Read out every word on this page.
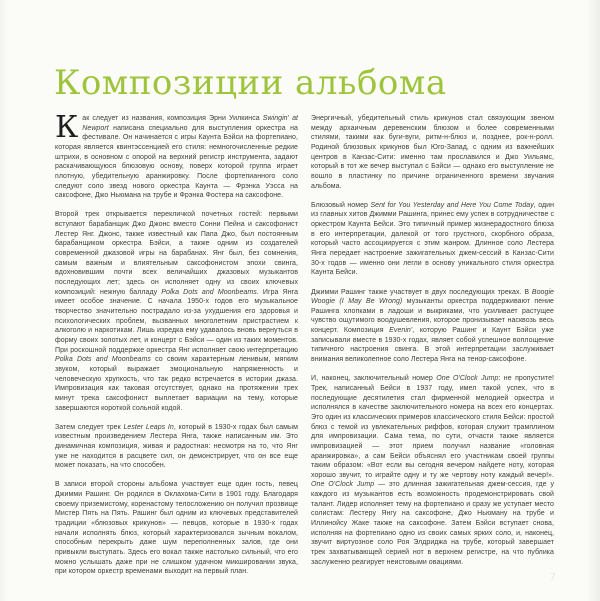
Композиции альбома

Как следует из названия, композиция Эрни Уилкинса Swingin' at Newport написана специально для выступления оркестра на фестивале. Он начинается с игры Каунта Бэйси на фортепиано, которая является квинтэссенцией его стиля: немногочисленные редкие штрихи, в основном с опорой на верхний регистр инструмента, задают раскачивающуюся блюзовую основу, поверх которой группа играет плотную, убедительную аранжировку. После фортепианного соло следуют соло звезд нового оркестра Каунта — Фрэнка Уэсса на саксофоне, Джо Ньюмана на трубе и Фрэнка Фостера на саксофоне.

Второй трек открывается перекличкой почетных гостей: первыми вступают барабанщик Джо Джонс вместо Сонни Пейна и саксофонист Лестер Янг. Джонс, также известный как Папа Джо, был постоянным барабанщиком оркестра Бэйси, а также одним из создателей современной джазовой игры на барабанах. Янг был, без сомнения, самым важным и влиятельным саксофонистом эпохи свинга, вдохновившим почти всех величайших джазовых музыкантов последующих лет; здесь он исполняет одну из своих ключевых композиций: нежную балладу Polka Dots and Moonbeams. Игра Янга имеет особое значение. С начала 1950-х годов его музыкальное творчество значительно пострадало из-за ухудшения его здоровья и психологических проблем, вызванных многолетним пристрастием к алкоголю и наркотикам. Лишь изредка ему удавалось вновь вернуться в форму своих золотых лет, и концерт с Бэйси — один из таких моментов. При роскошной поддержке оркестра Янг исполняет свою интерпретацию Polka Dots and Moonbeams со своим характерным ленивым, мягким звуком, который выражает эмоциональную напряженность и человеческую хрупкость, что так редко встречается в истории джаза. Импровизация как таковая отсутствует, однако на протяжении трех минут трека саксофонист выплетает вариации на тему, которые завершаются короткой сольной кодой.

Затем следует трек Lester Leaps In, который в 1930-х годах был самым известным произведением Лестера Янга, также написанным им. Это динамичная композиция, живая и радостная: несмотря на то, что Янг уже не находится в расцвете сил, он демонстрирует, что он все еще может показать, на что способен.

В записи второй стороны альбома участвует еще один гость, певец Джимми Рашинг. Он родился в Оклахома-Сити в 1901 году. Благодаря своему приземистому, коренастому телосложению он получил прозвище Мистер Пять на Пять. Рашинг был одним из ключевых представителей традиции «блюзовых крикунов» — певцов, которые в 1930-х годах начали исполнять блюз, который характеризовался зычным вокалом, способным перекрыть даже шум переполненных залов, где они привыкли выступать. Здесь его вокал также настолько сильный, что его можно услышать даже при не слишком удачном микшировании звука, при котором оркестр временами выходит на первый план.

Энергичный, убедительный стиль крикунов стал связующим звеном между архаичным деревенским блюзом и более современными стилями, такими как буги-вуги, ритм-н-блюз и, позднее, рок-н-ролл. Родиной блюзовых крикунов был Юго-Запад, с одним из важнейших центров в Канзас-Сити: именно там прославился и Джо Уильямс, который в тот же вечер выступал с Бэйси — однако его выступление не вошло в пластинку по причине ограниченного времени звучания альбома.

Блюзовый номер Sent for You Yesterday and Here You Come Today, один из главных хитов Джимми Рашинга, принес ему успех в сотрудничестве с оркестром Каунта Бейси. Это типичный пример жизнерадостного блюза в его интерпретации, далекой от того грустного, скорбного образа, который часто ассоциируется с этим жанром. Длинное соло Лестера Янга передает настроение зажигательных джем-сессий в Канзас-Сити 30-х годов — именно они легли в основу уникального стиля оркестра Каунта Бейси.

Джимми Рашинг также участвует в двух последующих треках. В Boogie Woogie (I May Be Wrong) музыканты оркестра поддерживают пение Рашинга хлопками в ладоши и выкриками, что усиливает растущее чувство ощутимого воодушевления, которое пронизывает насквозь весь концерт. Композиция Evenin', которую Рашинг и Каунт Бэйси уже записывали вместе в 1930-х годах, являет собой успешное воплощение типичного настроения свинга. В этой интерпретации заслуживает внимания великолепное соло Лестера Янга на тенор-саксофоне.

И, наконец, заключительный номер One O'Clock Jump: не пропустите! Трек, написанный Бейси в 1937 году, имел такой успех, что в последующие десятилетия стал фирменной мелодией оркестра и исполнялся в качестве заключительного номера на всех его концертах. Это один из классических примеров классического стиля Бейси: простой блюз с темой из увлекательных риффов, которая служит трамплином для импровизации. Сама тема, по сути, отчасти также является импровизацией — этот прием получил название «головная аранжировка», а сам Бейси объяснял его участникам своей группы таким образом: «Вот если вы сегодня вечером найдете ноту, которая хорошо звучит, то играйте одну и ту же чертову ноту каждый вечер!». One O'Clock Jump — это длинная зажигательная джем-сессия, где у каждого из музыкантов есть возможность продемонстрировать свой талант. Лидер исполняет тему на фортепиано и сразу же уступает место солистам: Лестеру Янгу на саксофоне, Джо Ньюману на трубе и Иллинойсу Жаке также на саксофоне. Затем Бэйси вступает снова, исполняя на фортепиано одно из своих самых ярких соло, и, наконец, звучит виртуозное соло Роя Элдриджа на трубе, который завершает трек захватывающей серией нот в верхнем регистре, на что публика заслуженно реагирует неистовыми овациями.

7
